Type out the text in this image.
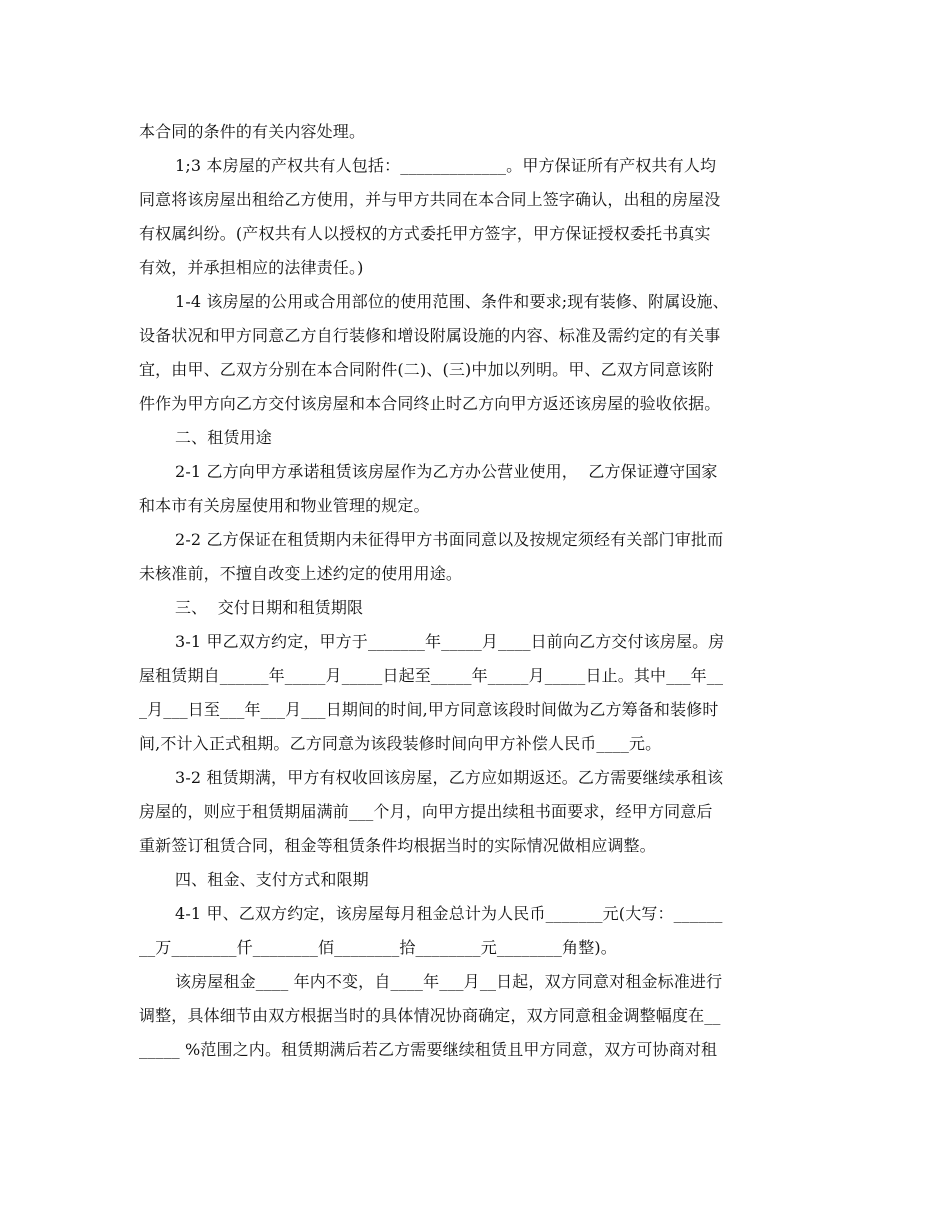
本合同的条件的有关内容处理。
1;3 本房屋的产权共有人包括：_____________。甲方保证所有产权共有人均
同意将该房屋出租给乙方使用，并与甲方共同在本合同上签字确认，出租的房屋没
有权属纠纷。(产权共有人以授权的方式委托甲方签字，甲方保证授权委托书真实
有效，并承担相应的法律责任。)
1-4 该房屋的公用或合用部位的使用范围、条件和要求;现有装修、附属设施、
设备状况和甲方同意乙方自行装修和增设附属设施的内容、标准及需约定的有关事
宜，由甲、乙双方分别在本合同附件(二)、(三)中加以列明。甲、乙双方同意该附
件作为甲方向乙方交付该房屋和本合同终止时乙方向甲方返还该房屋的验收依据。
二、租赁用途
2-1 乙方向甲方承诺租赁该房屋作为乙方办公营业使用，  乙方保证遵守国家
和本市有关房屋使用和物业管理的规定。
2-2 乙方保证在租赁期内未征得甲方书面同意以及按规定须经有关部门审批而
未核准前，不擅自改变上述约定的使用用途。
三、  交付日期和租赁期限
3-1 甲乙双方约定，甲方于_______年_____月____日前向乙方交付该房屋。房
屋租赁期自______年_____月_____日起至_____年_____月_____日止。其中___年__
_月___日至___年___月___日期间的时间,甲方同意该段时间做为乙方筹备和装修时
间,不计入正式租期。乙方同意为该段装修时间向甲方补偿人民币____元。
3-2 租赁期满，甲方有权收回该房屋，乙方应如期返还。乙方需要继续承租该
房屋的，则应于租赁期届满前___个月，向甲方提出续租书面要求，经甲方同意后
重新签订租赁合同，租金等租赁条件均根据当时的实际情况做相应调整。
四、租金、支付方式和限期
4-1 甲、乙双方约定，该房屋每月租金总计为人民币_______元(大写：______
__万________仟________佰________拾________元________角整)。
该房屋租金____ 年内不变，自____年___月__日起，双方同意对租金标准进行
调整，具体细节由双方根据当时的具体情况协商确定，双方同意租金调整幅度在__
_____ %范围之内。租赁期满后若乙方需要继续租赁且甲方同意，双方可协商对租
